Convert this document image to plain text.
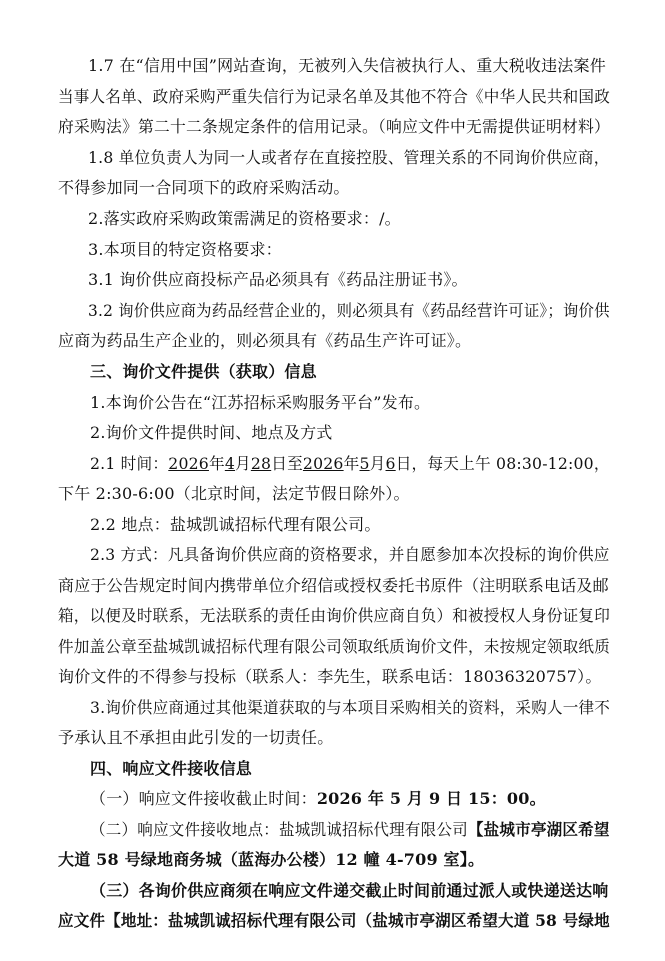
1.7 在“信用中国”网站查询，无被列入失信被执行人、重大税收违法案件
当事人名单、政府采购严重失信行为记录名单及其他不符合《中华人民共和国政
府采购法》第二十二条规定条件的信用记录。（响应文件中无需提供证明材料）
1.8 单位负责人为同一人或者存在直接控股、管理关系的不同询价供应商，
不得参加同一合同项下的政府采购活动。
2.落实政府采购政策需满足的资格要求：/。
3.本项目的特定资格要求：
3.1 询价供应商投标产品必须具有《药品注册证书》。
3.2 询价供应商为药品经营企业的，则必须具有《药品经营许可证》；询价供
应商为药品生产企业的，则必须具有《药品生产许可证》。
三、询价文件提供（获取）信息
1.本询价公告在“江苏招标采购服务平台”发布。
2.询价文件提供时间、地点及方式
2.1 时间：2026年4月28日至2026年5月6日，每天上午 08:30-12:00，
下午 2:30-6:00（北京时间，法定节假日除外）。
2.2 地点：盐城凯诚招标代理有限公司。
2.3 方式：凡具备询价供应商的资格要求，并自愿参加本次投标的询价供应
商应于公告规定时间内携带单位介绍信或授权委托书原件（注明联系电话及邮
箱，以便及时联系，无法联系的责任由询价供应商自负）和被授权人身份证复印
件加盖公章至盐城凯诚招标代理有限公司领取纸质询价文件，未按规定领取纸质
询价文件的不得参与投标（联系人：李先生，联系电话：18036320757）。
3.询价供应商通过其他渠道获取的与本项目采购相关的资料，采购人一律不
予承认且不承担由此引发的一切责任。
四、响应文件接收信息
（一）响应文件接收截止时间：2026 年 5 月 9 日 15：00。
（二）响应文件接收地点：盐城凯诚招标代理有限公司【盐城市亭湖区希望
大道 58 号绿地商务城（蓝海办公楼）12 幢 4-709 室】。
（三）各询价供应商须在响应文件递交截止时间前通过派人或快递送达响
应文件【地址：盐城凯诚招标代理有限公司（盐城市亭湖区希望大道 58 号绿地
